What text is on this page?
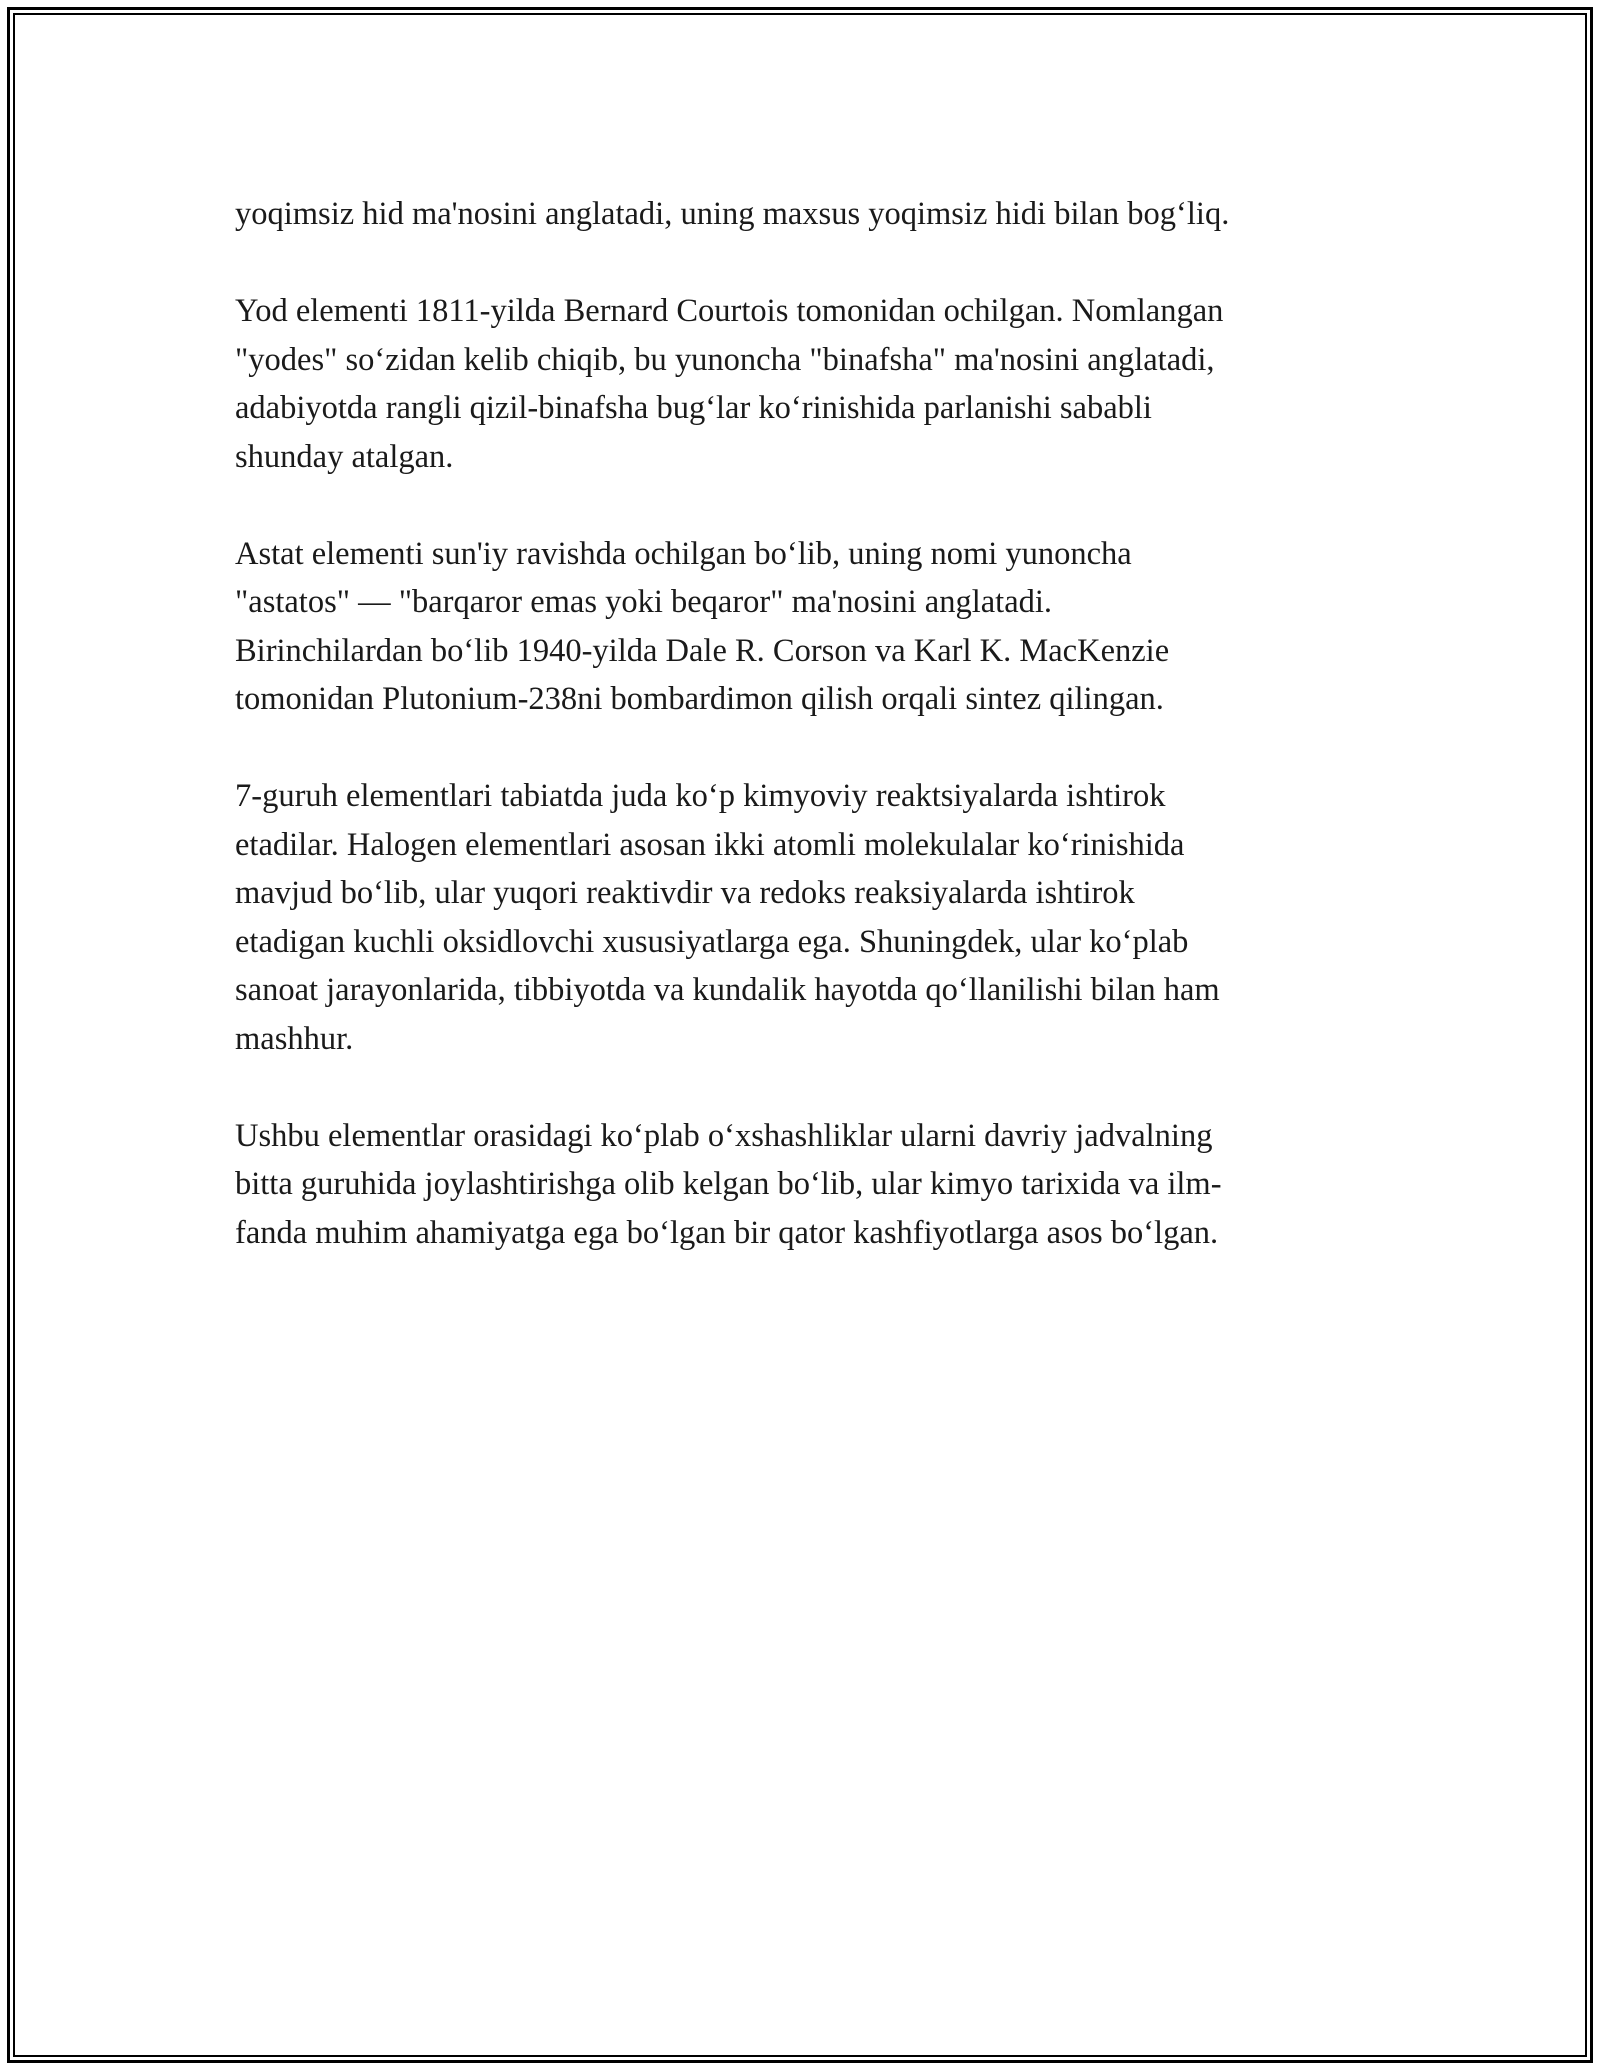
yoqimsiz hid ma'nosini anglatadi, uning maxsus yoqimsiz hidi bilan bog‘liq.

Yod elementi 1811-yilda Bernard Courtois tomonidan ochilgan. Nomlangan
"yodes" so‘zidan kelib chiqib, bu yunoncha "binafsha" ma'nosini anglatadi,
adabiyotda rangli qizil-binafsha bug‘lar ko‘rinishida parlanishi sababli
shunday atalgan.

Astat elementi sun'iy ravishda ochilgan bo‘lib, uning nomi yunoncha
"astatos" — "barqaror emas yoki beqaror" ma'nosini anglatadi.
Birinchilardan bo‘lib 1940-yilda Dale R. Corson va Karl K. MacKenzie
tomonidan Plutonium-238ni bombardimon qilish orqali sintez qilingan.

7-guruh elementlari tabiatda juda ko‘p kimyoviy reaktsiyalarda ishtirok
etadilar. Halogen elementlari asosan ikki atomli molekulalar ko‘rinishida
mavjud bo‘lib, ular yuqori reaktivdir va redoks reaksiyalarda ishtirok
etadigan kuchli oksidlovchi xususiyatlarga ega. Shuningdek, ular ko‘plab
sanoat jarayonlarida, tibbiyotda va kundalik hayotda qo‘llanilishi bilan ham
mashhur.

Ushbu elementlar orasidagi ko‘plab o‘xshashliklar ularni davriy jadvalning
bitta guruhida joylashtirishga olib kelgan bo‘lib, ular kimyo tarixida va ilm-
fanda muhim ahamiyatga ega bo‘lgan bir qator kashfiyotlarga asos bo‘lgan.
